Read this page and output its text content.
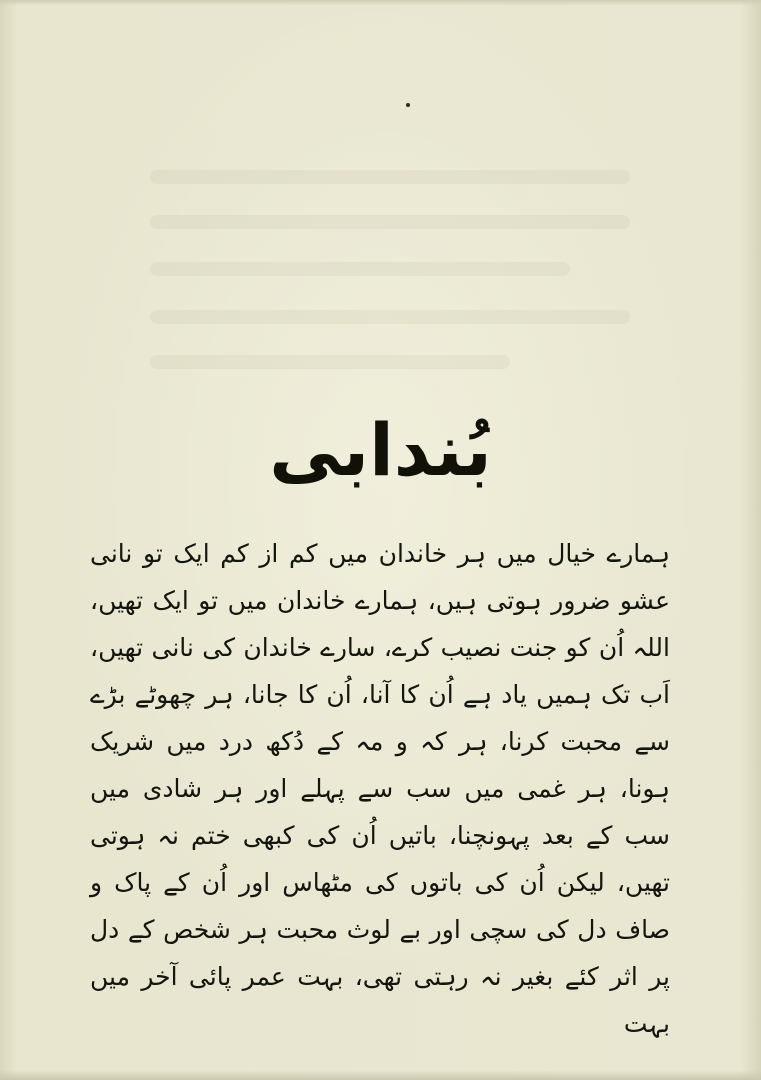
بُندابی

ہمارے خیال میں ہر خاندان میں کم از کم ایک تو نانی عشو ضرور ہوتی ہیں، ہمارے خاندان میں تو ایک تھیں، اللہ اُن کو جنت نصیب کرے، سارے خاندان کی نانی تھیں، اَب تک ہمیں یاد ہے اُن کا آنا، اُن کا جانا، ہر چھوٹے بڑے سے محبت کرنا، ہر کہ و مہ کے دُکھ درد میں شریک ہونا، ہر غمی میں سب سے پہلے اور ہر شادی میں سب کے بعد پہونچنا، باتیں اُن کی کبھی ختم نہ ہوتی تھیں، لیکن اُن کی باتوں کی مٹھاس اور اُن کے پاک و صاف دل کی سچی اور بے لوث محبت ہر شخص کے دل پر اثر کئے بغیر نہ رہتی تھی، بہت عمر پائی آخر میں بہت
